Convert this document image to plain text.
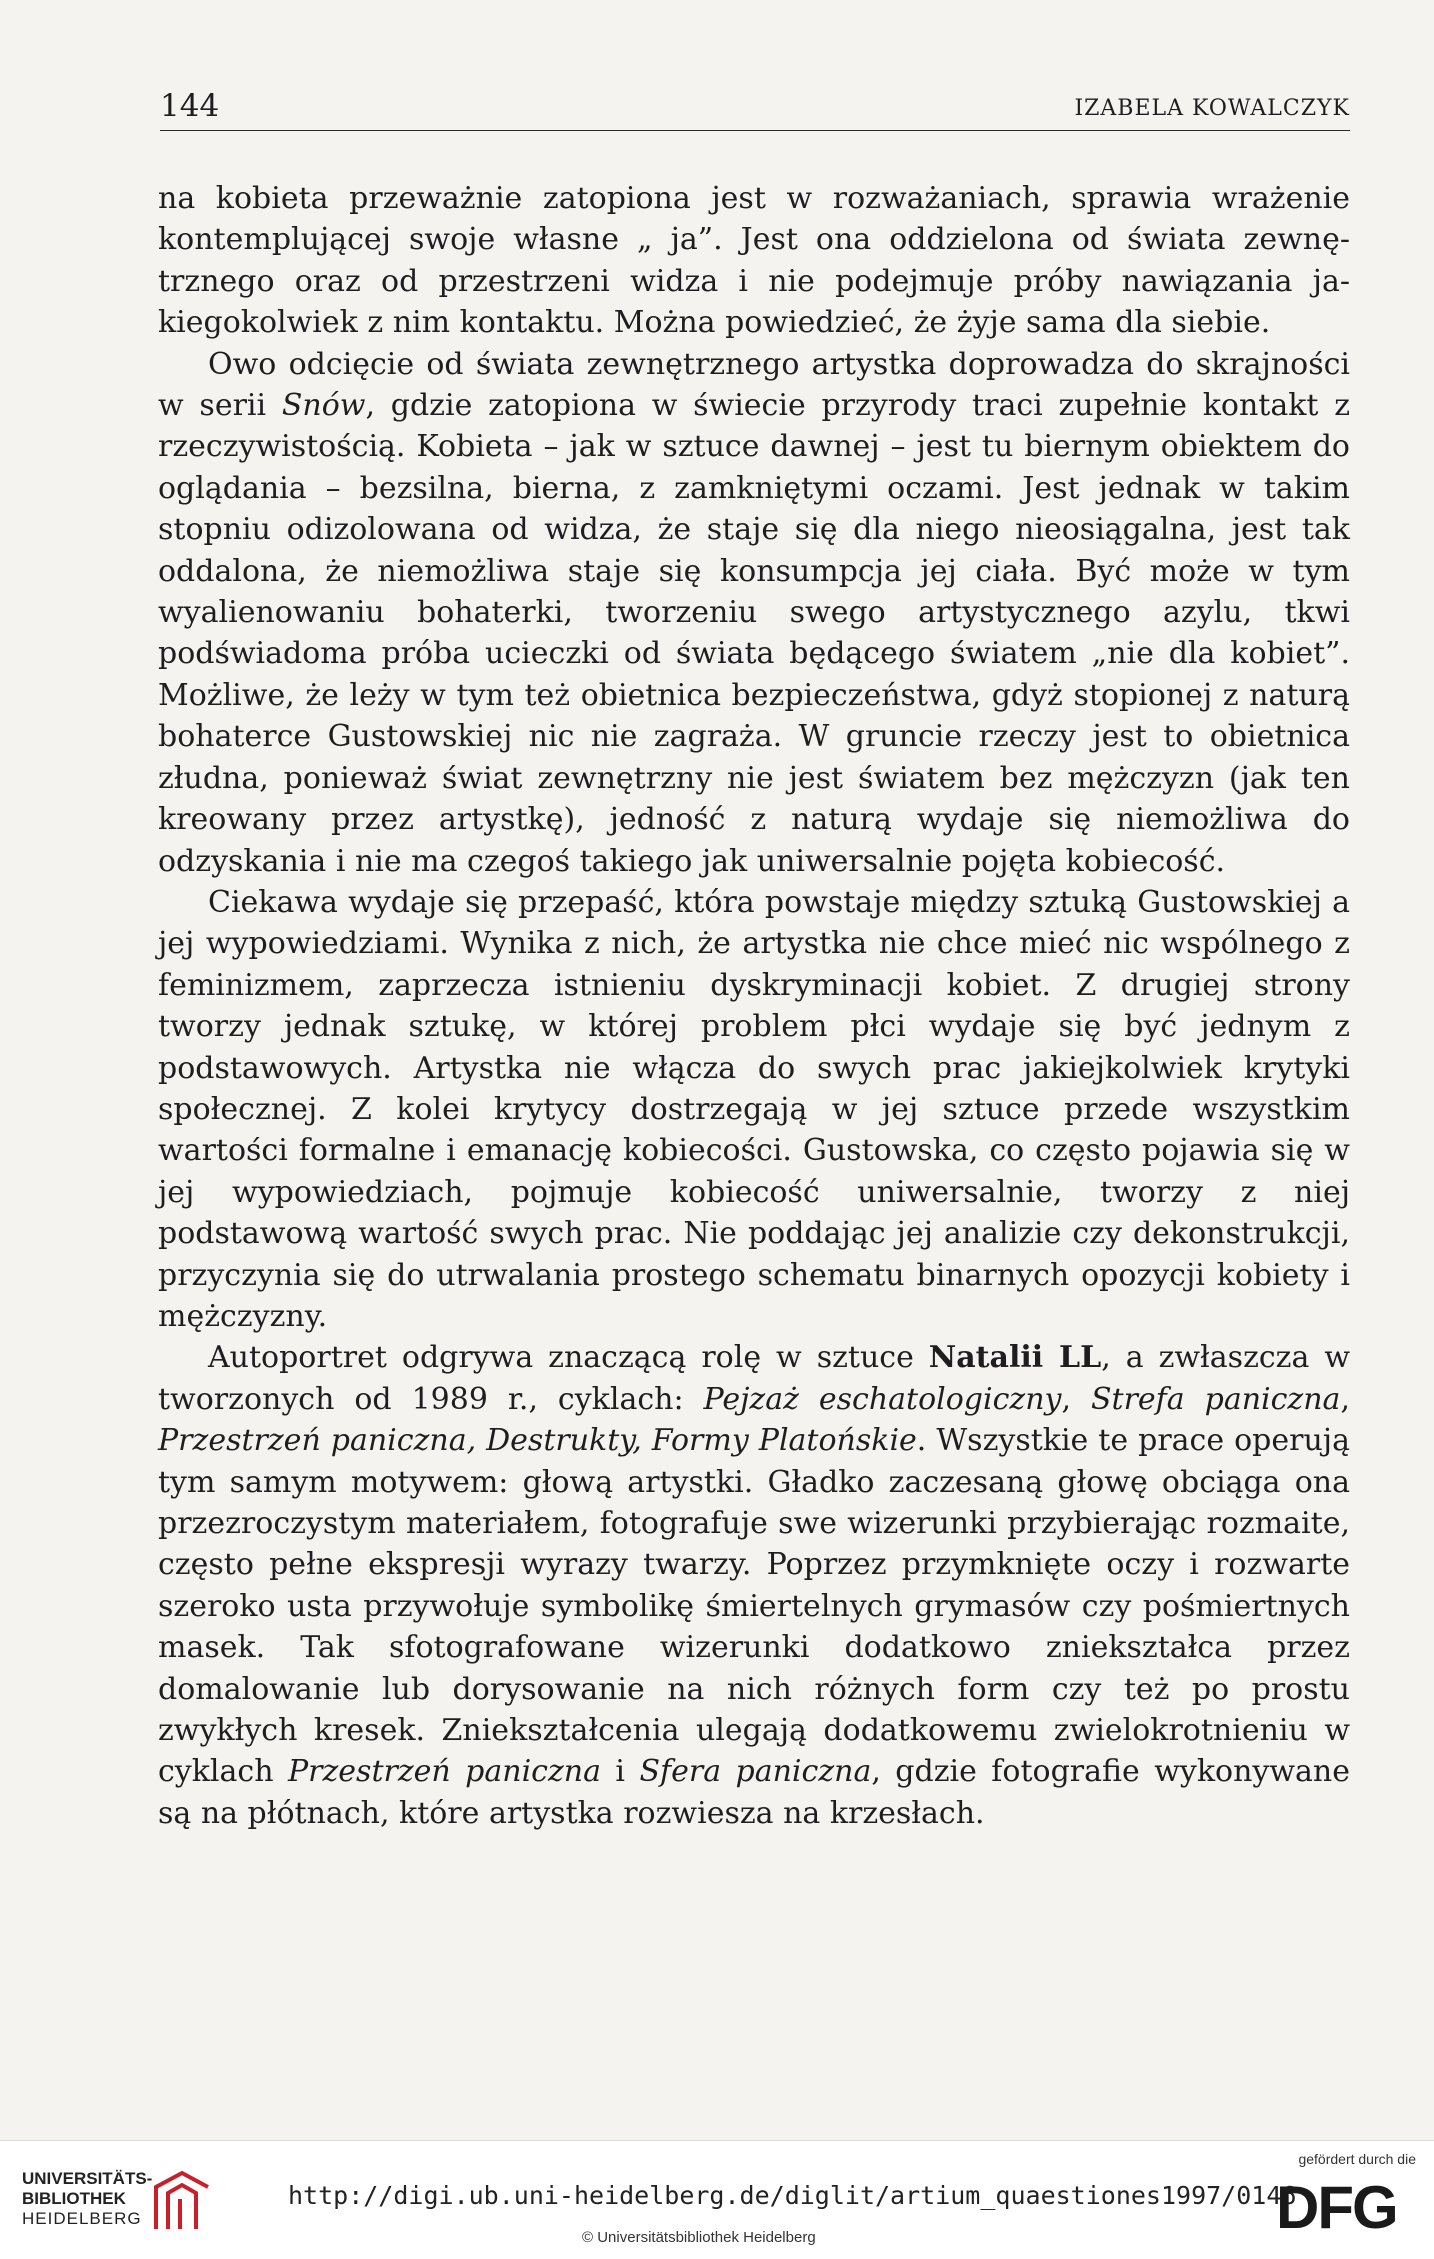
144	IZABELA KOWALCZYK

na kobieta przeważnie zatopiona jest w rozważaniach, sprawia wrażenie kontemplującej swoje własne „ ja”. Jest ona oddzielona od świata zewnętrznego oraz od przestrzeni widza i nie podejmuje próby nawiązania jakiegokolwiek z nim kontaktu. Można powiedzieć, że żyje sama dla siebie.

Owo odcięcie od świata zewnętrznego artystka doprowadza do skrajności w serii Snów, gdzie zatopiona w świecie przyrody traci zupełnie kontakt z rzeczywistością. Kobieta – jak w sztuce dawnej – jest tu biernym obiektem do oglądania – bezsilna, bierna, z zamkniętymi oczami. Jest jednak w takim stopniu odizolowana od widza, że staje się dla niego nieosiągalna, jest tak oddalona, że niemożliwa staje się konsumpcja jej ciała. Być może w tym wyalienowaniu bohaterki, tworzeniu swego artystycznego azylu, tkwi podświadoma próba ucieczki od świata będącego światem „nie dla kobiet”. Możliwe, że leży w tym też obietnica bezpieczeństwa, gdyż stopionej z naturą bohaterce Gustowskiej nic nie zagraża. W gruncie rzeczy jest to obietnica złudna, ponieważ świat zewnętrzny nie jest światem bez mężczyzn (jak ten kreowany przez artystkę), jedność z naturą wydaje się niemożliwa do odzyskania i nie ma czegoś takiego jak uniwersalnie pojęta kobiecość.

Ciekawa wydaje się przepaść, która powstaje między sztuką Gustowskiej a jej wypowiedziami. Wynika z nich, że artystka nie chce mieć nic wspólnego z feminizmem, zaprzecza istnieniu dyskryminacji kobiet. Z drugiej strony tworzy jednak sztukę, w której problem płci wydaje się być jednym z podstawowych. Artystka nie włącza do swych prac jakiejkolwiek krytyki społecznej. Z kolei krytycy dostrzegają w jej sztuce przede wszystkim wartości formalne i emanację kobiecości. Gustowska, co często pojawia się w jej wypowiedziach, pojmuje kobiecość uniwersalnie, tworzy z niej podstawową wartość swych prac. Nie poddając jej analizie czy dekonstrukcji, przyczynia się do utrwalania prostego schematu binarnych opozycji kobiety i mężczyzny.

Autoportret odgrywa znaczącą rolę w sztuce Natalii LL, a zwłaszcza w tworzonych od 1989 r., cyklach: Pejzaż eschatologiczny, Strefa paniczna, Przestrzeń paniczna, Destrukty, Formy Platońskie. Wszystkie te prace operują tym samym motywem: głową artystki. Gładko zaczesaną głowę obciąga ona przezroczystym materiałem, fotografuje swe wizerunki przybierając rozmaite, często pełne ekspresji wyrazy twarzy. Poprzez przymknięte oczy i rozwarte szeroko usta przywołuje symbolikę śmiertelnych grymasów czy pośmiertnych masek. Tak sfotografowane wizerunki dodatkowo zniekształca przez domalowanie lub dorysowanie na nich różnych form czy też po prostu zwykłych kresek. Zniekształcenia ulegają dodatkowemu zwielokrotnieniu w cyklach Przestrzeń paniczna i Sfera paniczna, gdzie fotografie wykonywane są na płótnach, które artystka rozwiesza na krzesłach.

UNIVERSITÄTS-
BIBLIOTHEK
HEIDELBERG
http://digi.ub.uni-heidelberg.de/diglit/artium_quaestiones1997/0146
© Universitätsbibliothek Heidelberg
gefördert durch die
DFG
